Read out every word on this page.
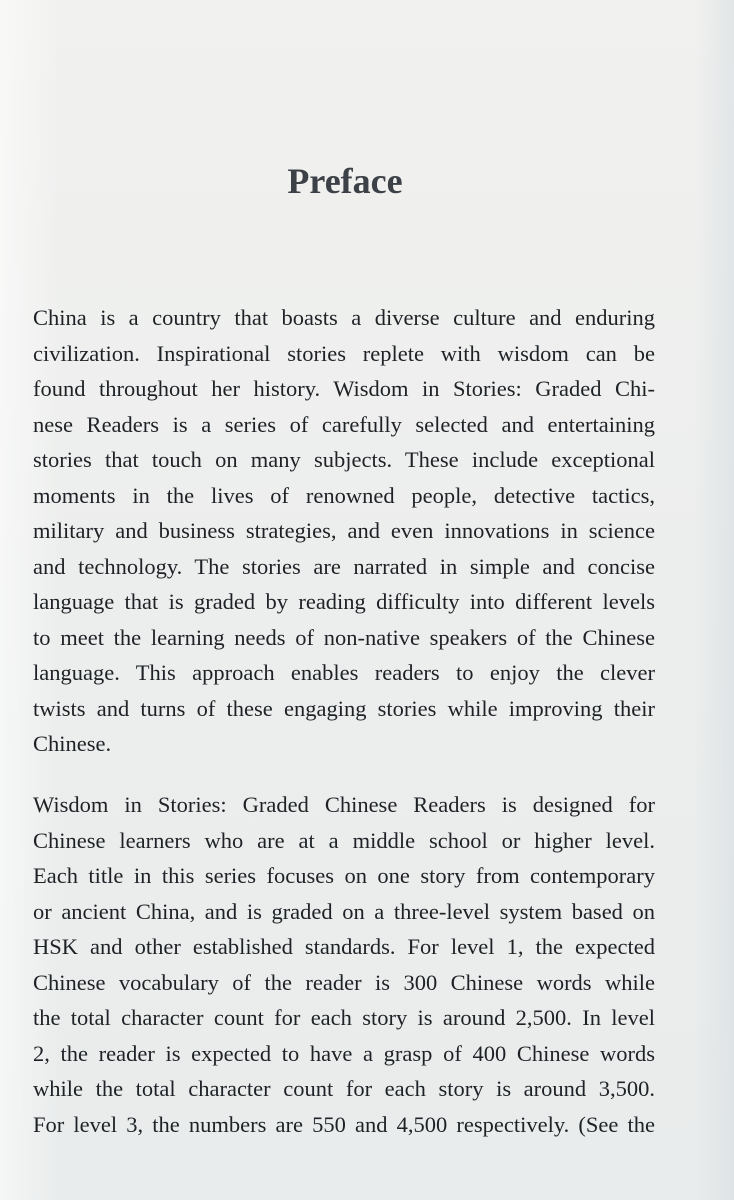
Preface
China is a country that boasts a diverse culture and enduring
civilization. Inspirational stories replete with wisdom can be
found throughout her history. Wisdom in Stories: Graded Chi-
nese Readers is a series of carefully selected and entertaining
stories that touch on many subjects. These include exceptional
moments in the lives of renowned people, detective tactics,
military and business strategies, and even innovations in science
and technology. The stories are narrated in simple and concise
language that is graded by reading difficulty into different levels
to meet the learning needs of non-native speakers of the Chinese
language. This approach enables readers to enjoy the clever
twists and turns of these engaging stories while improving their
Chinese.
Wisdom in Stories: Graded Chinese Readers is designed for
Chinese learners who are at a middle school or higher level.
Each title in this series focuses on one story from contemporary
or ancient China, and is graded on a three-level system based on
HSK and other established standards. For level 1, the expected
Chinese vocabulary of the reader is 300 Chinese words while
the total character count for each story is around 2,500. In level
2, the reader is expected to have a grasp of 400 Chinese words
while the total character count for each story is around 3,500.
For level 3, the numbers are 550 and 4,500 respectively. (See the
